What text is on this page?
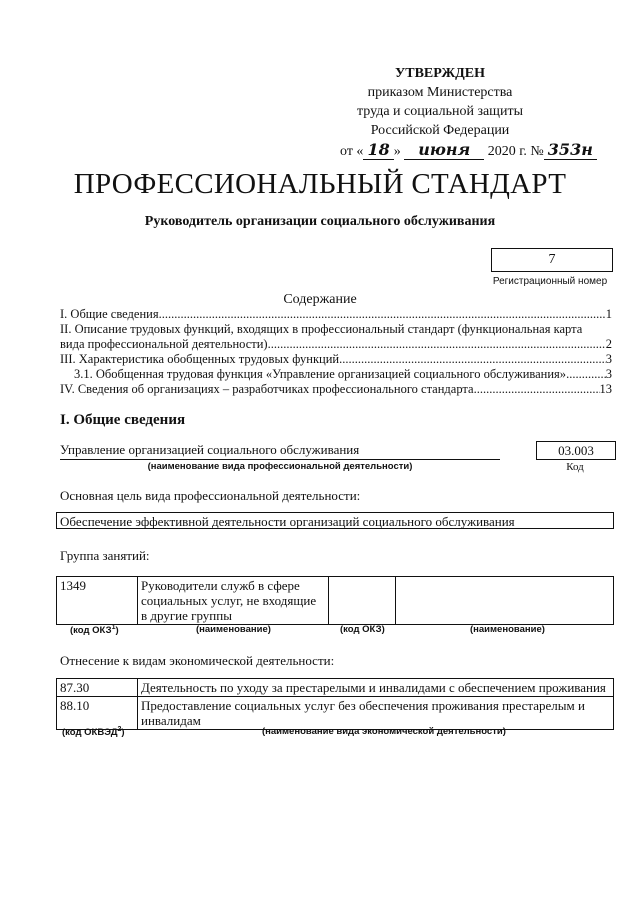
УТВЕРЖДЕН
приказом Министерства
труда и социальной защиты
Российской Федерации
от « 18 » июня 2020 г. № 353н
ПРОФЕССИОНАЛЬНЫЙ СТАНДАРТ
Руководитель организации социального обслуживания
7
Регистрационный номер
Содержание
I. Общие сведения .....	1
II. Описание трудовых функций, входящих в профессиональный стандарт (функциональная карта
вида профессиональной деятельности) .....	2
III. Характеристика обобщенных трудовых функций .....	3
3.1. Обобщенная трудовая функция «Управление организацией социального обслуживания» .....	3
IV. Сведения об организациях – разработчиках профессионального стандарта .....	13
I. Общие сведения
Управление организацией социального обслуживания	03.003
(наименование вида профессиональной деятельности)	Код
Основная цель вида профессиональной деятельности:
Обеспечение эффективной деятельности организаций социального обслуживания
Группа занятий:
1349	Руководители служб в сфере социальных услуг, не входящие в другие группы		
(код ОКЗ$^1$)	(наименование)	(код ОКЗ)	(наименование)
Отнесение к видам экономической деятельности:
87.30	Деятельность по уходу за престарелыми и инвалидами с обеспечением проживания
88.10	Предоставление социальных услуг без обеспечения проживания престарелым и инвалидам
(код ОКВЭД$^2$)	(наименование вида экономической деятельности)
